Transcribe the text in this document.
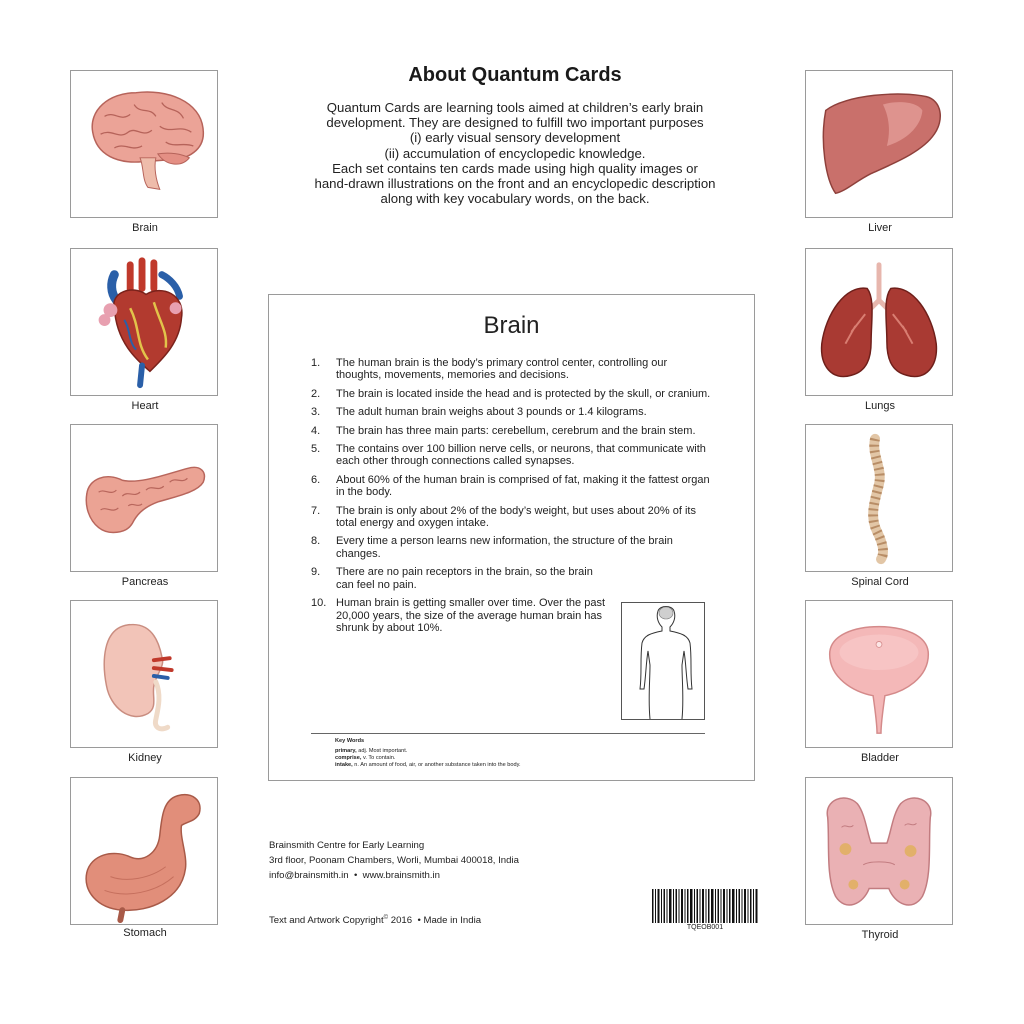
About Quantum Cards
Quantum Cards are learning tools aimed at children’s early brain
development. They are designed to fulfill two important purposes
(i) early visual sensory development
(ii) accumulation of encyclopedic knowledge.
Each set contains ten cards made using high quality images or
hand-drawn illustrations on the front and an encyclopedic description
along with key vocabulary words, on the back.
Brain
Heart
Pancreas
Kidney
Stomach
Liver
Lungs
Spinal Cord
Bladder
Thyroid
Brain
1. The human brain is the body’s primary control center, controlling our thoughts, movements, memories and decisions.
2. The brain is located inside the head and is protected by the skull, or cranium.
3. The adult human brain weighs about 3 pounds or 1.4 kilograms.
4. The brain has three main parts: cerebellum, cerebrum and the brain stem.
5. The contains over 100 billion nerve cells, or neurons, that communicate with each other through connections called synapses.
6. About 60% of the human brain is comprised of fat, making it the fattest organ in the body.
7. The brain is only about 2% of the body’s weight, but uses about 20% of its total energy and oxygen intake.
8. Every time a person learns new information, the structure of the brain changes.
9. There are no pain receptors in the brain, so the brain can feel no pain.
10. Human brain is getting smaller over time. Over the past 20,000 years, the size of the average human brain has shrunk by about 10%.
Key Words
primary, adj. Most important.
comprise, v. To contain.
intake, n. An amount of food, air, or another substance taken into the body.
Brainsmith Centre for Early Learning
3rd floor, Poonam Chambers, Worli, Mumbai 400018, India
info@brainsmith.in • www.brainsmith.in
Text and Artwork Copyright© 2016 • Made in India
TQEOB001
